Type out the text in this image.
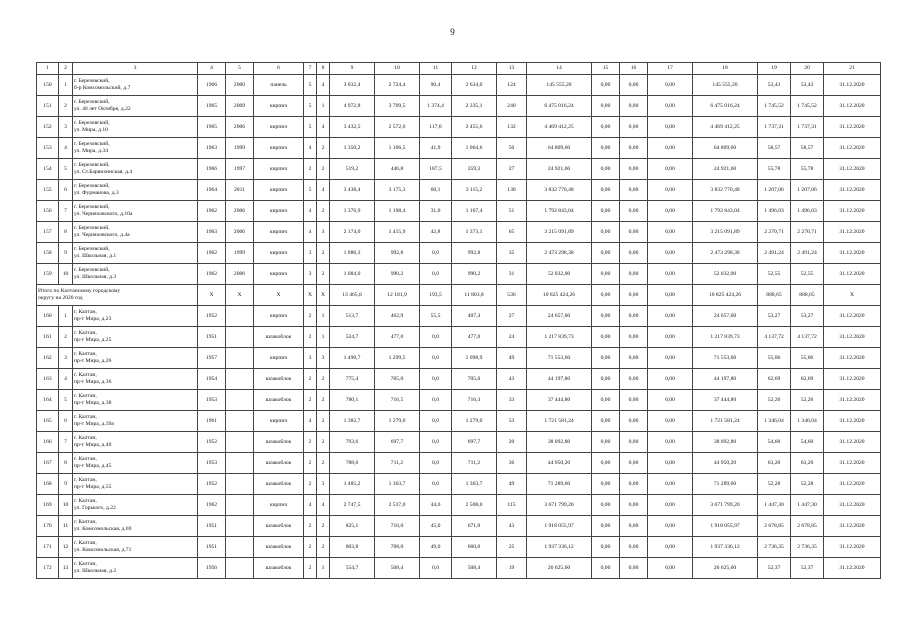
9
1	2	3	4	5	6	7	8	9	10	11	12	13	14	15	16	17	18	19	20	21
150	1	г. Березовский,
б-р Комсомольский, д.7	1966	2000	панель	5	4	3 032,4	2 724,4	90,4	2 634,0	124	145 555,20	0,00	0,00	0,00	145 555,20	53,43	53,43	31.12.2020
151	2	г. Березовский,
ул. 40 лет Октября, д.22	1965	2009	кирпич	5	1	4 972,8	3 709,5	1 374,4	2 335,1	240	6 475 016,24	0,00	0,00	0,00	6 475 016,24	1 745,52	1 745,52	31.12.2020
152	3	г. Березовский,
ул. Мира, д.10	1965	2006	кирпич	5	4	3 432,5	2 572,6	117,0	2 455,6	132	4 469 412,25	0,00	0,00	0,00	4 469 412,25	1 737,31	1 737,31	31.12.2020
153	4	г. Березовский,
ул. Мира, д.34	1963	1999	кирпич	4	2	1 350,2	1 106,5	41,9	1 064,6	50	64 809,60	0,00	0,00	0,00	64 809,60	58,57	58,57	31.12.2020
154	5	г. Березовский,
ул. Ст.Барвихинская, д.4	1966	1997	кирпич	2	2	519,2	446,8	187,5	259,3	27	24 921,60	0,00	0,00	0,00	24 921,60	55,78	55,78	31.12.2020
155	6	г. Березовский,
ул. Фурманова, д.3	1964	2011	кирпич	5	4	3 438,4	3 175,3	60,1	3 115,2	130	3 832 770,48	0,00	0,00	0,00	3 832 770,48	1 207,06	1 207,06	31.12.2020
156	7	г. Березовский,
ул. Черняховского, д.10а	1962	2006	кирпич	4	2	1 376,9	1 198,4	31,0	1 167,4	51	1 792 843,04	0,00	0,00	0,00	1 792 843,04	1 496,03	1 496,03	31.12.2020
157	8	г. Березовский,
ул. Черняховского, д.4а	1963	2006	кирпич	4	3	2 174,0	1 415,9	42,8	1 373,1	65	3 215 091,89	0,00	0,00	0,00	3 215 091,89	2 270,71	2 270,71	31.12.2020
158	9	г. Березовский,
ул. Школьная, д.1	1962	1999	кирпич	3	2	1 086,3	992,8	0,0	992,8	35	2 473 298,38	0,00	0,00	0,00	2 473 298,38	2 491,24	2 491,24	31.12.2020
159	10	г. Березовский,
ул. Школьная, д.3	1962	2006	кирпич	3	2	1 084,0	990,2	0,0	990,2	31	52 032,00	0,00	0,00	0,00	52 032,00	52,55	52,55	31.12.2020

Итого по Калтанскому городскому
округу на 2020 год			X	X	X	X	X	13 465,8	12 181,9	193,5	11 803,8	536	10 825 424,26	0,00	0,00	0,00	10 825 424,26	888,65	888,65	X
160	1	г. Калтан,
пр-т Мира, д.23	1952		кирпич	2	1	513,7	462,9	55,5	407,4	27	24 657,60	0,00	0,00	0,00	24 657,60	53,27	53,27	31.12.2020
161	2	г. Калтан,
пр-т Мира, д.25	1951		шлакоблок	2	1	524,7	477,0	0,0	477,0	24	1 217 839,73	0,00	0,00	0,00	1 217 839,73	4 137,72	4 137,72	31.12.2020
162	3	г. Калтан,
пр-т Мира, д.26	1957		кирпич	3	3	1 490,7	1 299,5	0,0	1 098,9	49	71 553,60	0,00	0,00	0,00	71 553,60	55,06	55,06	31.12.2020
163	4	г. Калтан,
пр-т Мира, д.36	1954		шлакоблок	2	2	775,4	705,0	0,0	705,0	43	44 197,80	0,00	0,00	0,00	44 197,80	62,69	62,69	31.12.2020
164	5	г. Калтан,
пр-т Мира, д.38	1953		шлакоблок	2	2	780,1	716,5	0,0	716,3	33	37 444,80	0,00	0,00	0,00	37 444,80	52,26	52,26	31.12.2020
165	6	г. Калтан,
пр-т Мира, д.39а	1961		кирпич	4	2	1 382,7	1 279,0	0,0	1 279,0	53	1 721 581,24	0,00	0,00	0,00	1 721 581,24	1 346,04	1 346,04	31.12.2020
166	7	г. Калтан,
пр-т Мира, д.40	1952		шлакоблок	2	2	793,6	697,7	0,0	697,7	20	38 092,80	0,00	0,00	0,00	38 092,80	54,60	54,60	31.12.2020
167	8	г. Калтан,
пр-т Мира, д.45	1953		шлакоблок	2	2	788,6	711,2	0,0	711,2	36	44 950,20	0,00	0,00	0,00	44 950,20	63,20	63,20	31.12.2020
168	9	г. Калтан,
пр-т Мира, д.55	1952		шлакоблок	2	3	1 485,2	1 363,7	0,0	1 363,7	49	71 289,60	0,00	0,00	0,00	71 289,60	52,28	52,28	31.12.2020
169	10	г. Калтан,
ул. Горького, д.22	1962		кирпич	4	4	2 747,5	2 537,0	44,0	2 508,0	115	3 671 799,20	0,00	0,00	0,00	3 671 799,20	1 447,30	1 447,30	31.12.2020
170	11	г. Калтан,
ул. Комсомольская, д.69	1951		шлакоблок	2	2	825,1	716,0	45,0	671,0	43	1 918 055,97	0,00	0,00	0,00	1 918 055,97	2 678,85	2 678,85	31.12.2020
171	12	г. Калтан,
ул. Комсомольская, д.71	1951		шлакоблок	2	2	803,8	708,0	49,0	660,0	25	1 937 336,12	0,00	0,00	0,00	1 937 336,12	2 736,35	2 736,35	31.12.2020
172	13	г. Калтан,
ул. Школьная, д.2	1956		шлакоблок	2	1	554,7	508,4	0,0	508,4	19	26 625,60	0,00	0,00	0,00	26 625,60	52,37	52,37	31.12.2020
